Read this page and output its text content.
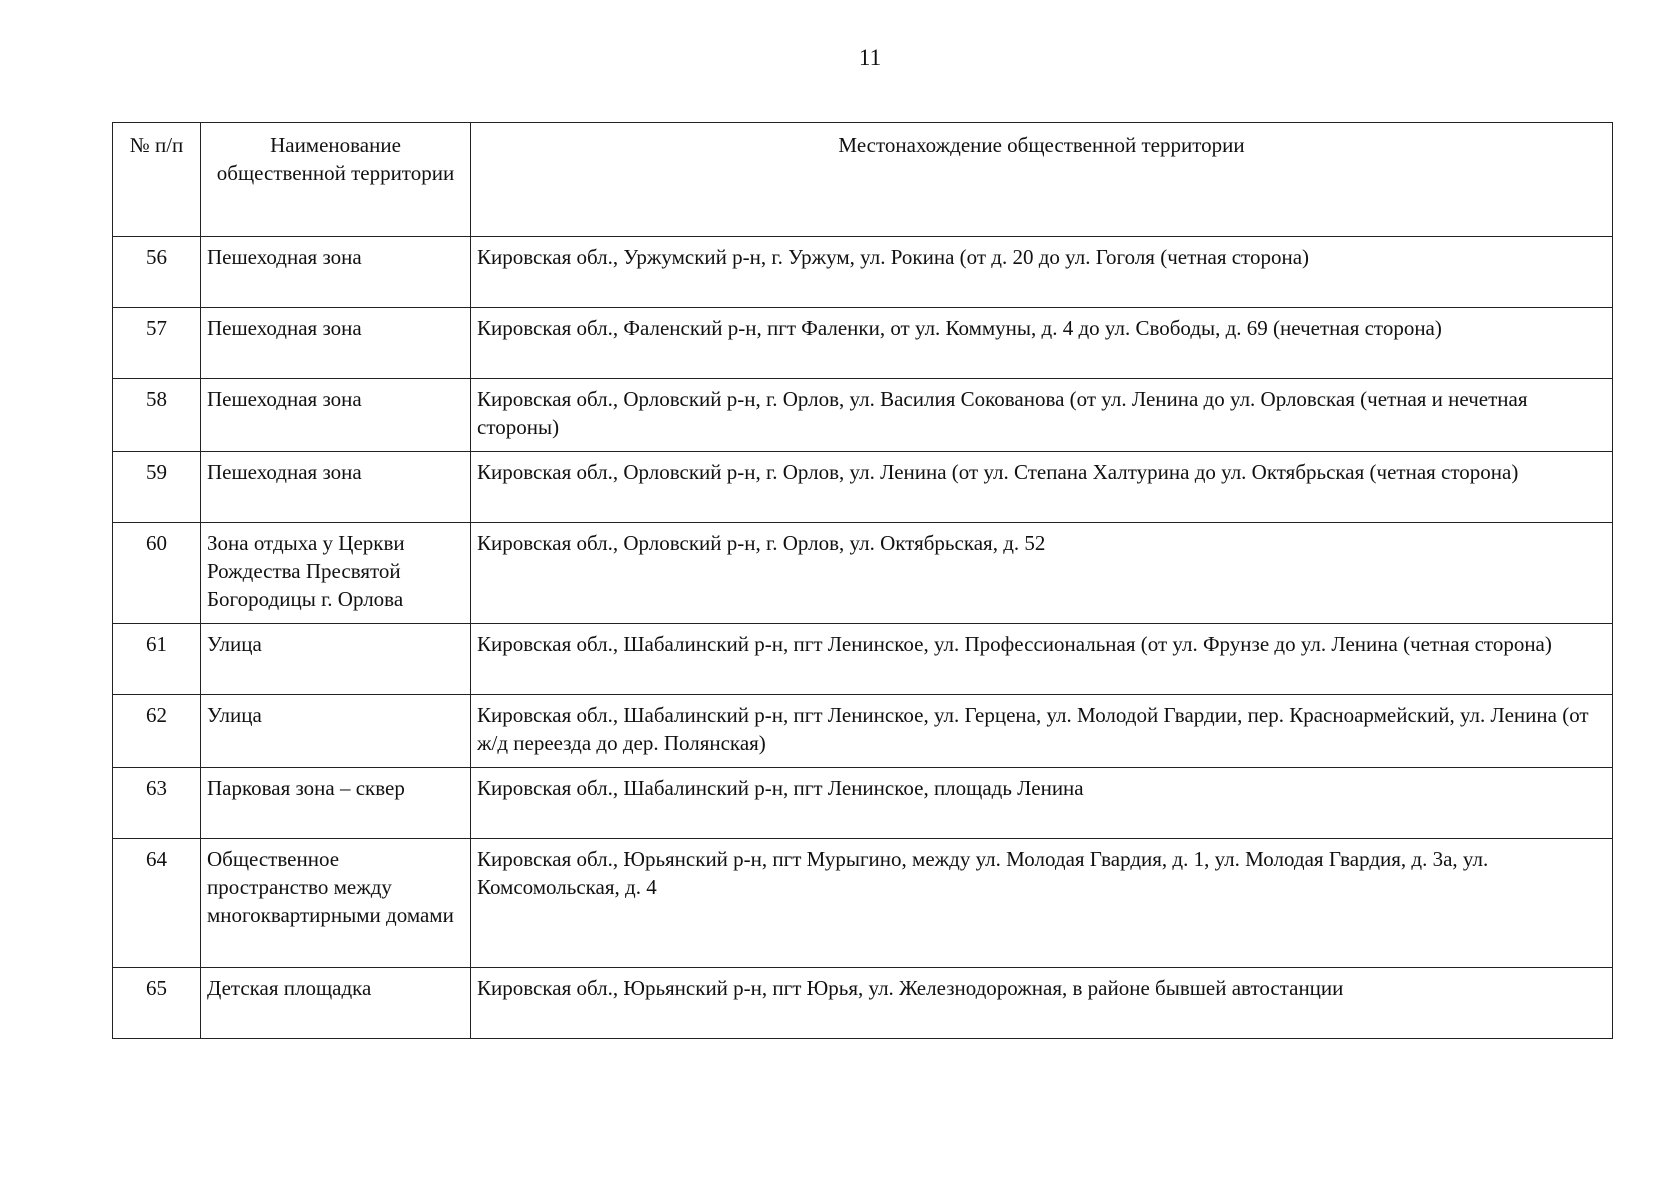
11
№ п/п	Наименование общественной территории	Местонахождение общественной территории
56	Пешеходная зона	Кировская обл., Уржумский р-н, г. Уржум, ул. Рокина (от д. 20 до ул. Гоголя (четная сторона)
57	Пешеходная зона	Кировская обл., Фаленский р-н, пгт Фаленки, от ул. Коммуны, д. 4 до ул. Свободы, д. 69 (нечетная сторона)
58	Пешеходная зона	Кировская обл., Орловский р-н, г. Орлов, ул. Василия Сокованова (от ул. Ленина до ул. Орловская (четная и нечетная стороны)
59	Пешеходная зона	Кировская обл., Орловский р-н, г. Орлов, ул. Ленина (от ул. Степана Халтурина до ул. Октябрьская (четная сторона)
60	Зона отдыха у Церкви Рождества Пресвятой Богородицы г. Орлова	Кировская обл., Орловский р-н, г. Орлов, ул. Октябрьская, д. 52
61	Улица	Кировская обл., Шабалинский р-н, пгт Ленинское, ул. Профессиональная (от ул. Фрунзе до ул. Ленина (четная сторона)
62	Улица	Кировская обл., Шабалинский р-н, пгт Ленинское, ул. Герцена, ул. Молодой Гвардии, пер. Красноармейский, ул. Ленина (от ж/д переезда до дер. Полянская)
63	Парковая зона – сквер	Кировская обл., Шабалинский р-н, пгт Ленинское, площадь Ленина
64	Общественное пространство между многоквартирными домами	Кировская обл., Юрьянский р-н, пгт Мурыгино, между ул. Молодая Гвардия, д. 1, ул. Молодая Гвардия, д. 3а, ул. Комсомольская, д. 4
65	Детская площадка	Кировская обл., Юрьянский р-н, пгт Юрья, ул. Железнодорожная, в районе бывшей автостанции
